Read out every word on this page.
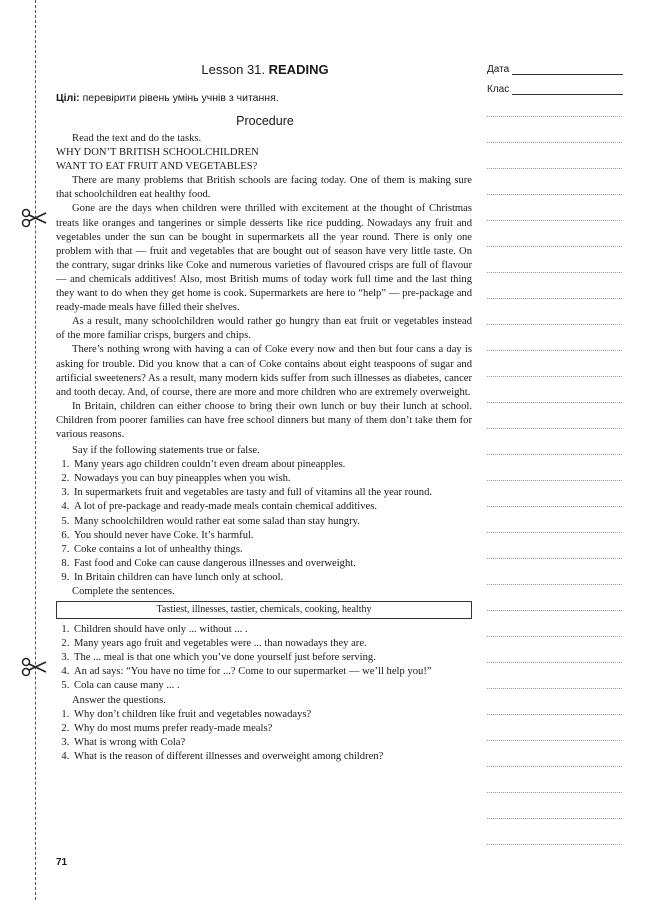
Lesson 31. READING
Цілі: перевірити рівень умінь учнів з читання.
Procedure

Read the text and do the tasks.

WHY DON’T BRITISH SCHOOLCHILDREN

WANT TO EAT FRUIT AND VEGETABLES?

There are many problems that British schools are facing today. One of them is making sure that schoolchildren eat healthy food.

Gone are the days when children were thrilled with excitement at the thought of Christmas treats like oranges and tangerines or simple desserts like rice pudding. Nowadays any fruit and vegetables under the sun can be bought in supermarkets all the year round. There is only one problem with that — fruit and vegetables that are bought out of season have very little taste. On the contrary, sugar drinks like Coke and numerous varieties of flavoured crisps are full of flavour — and chemicals additives! Also, most British mums of today work full time and the last thing they want to do when they get home is cook. Supermarkets are here to “help” — pre-package and ready-made meals have filled their shelves.

As a result, many schoolchildren would rather go hungry than eat fruit or vegetables instead of the more familiar crisps, burgers and chips.

There’s nothing wrong with having a can of Coke every now and then but four cans a day is asking for trouble. Did you know that a can of Coke contains about eight teaspoons of sugar and artificial sweeteners? As a result, many modern kids suffer from such illnesses as diabetes, cancer and tooth decay. And, of course, there are more and more children who are extremely overweight.

In Britain, children can either choose to bring their own lunch or buy their lunch at school. Children from poorer families can have free school dinners but many of them don’t take them for various reasons.

Say if the following statements true or false.

1. Many years ago children couldn’t even dream about pineapples.
2. Nowadays you can buy pineapples when you wish.
3. In supermarkets fruit and vegetables are tasty and full of vitamins all the year round.
4. A lot of pre-package and ready-made meals contain chemical additives.
5. Many schoolchildren would rather eat some salad than stay hungry.
6. You should never have Coke. It’s harmful.
7. Coke contains a lot of unhealthy things.
8. Fast food and Coke can cause dangerous illnesses and overweight.
9. In Britain children can have lunch only at school.

Complete the sentences.

Tastiest, illnesses, tastier, chemicals, cooking, healthy
1. Children should have only ... without ... .
2. Many years ago fruit and vegetables were ... than nowadays they are.
3. The ... meal is that one which you’ve done yourself just before serving.
4. An ad says: “You have no time for ...? Come to our supermarket — we’ll help you!”
5. Cola can cause many ... .

Answer the questions.

1. Why don’t children like fruit and vegetables nowadays?
2. Why do most mums prefer ready-made meals?
3. What is wrong with Cola?
4. What is the reason of different illnesses and overweight among children?
71
Дата
Клас
